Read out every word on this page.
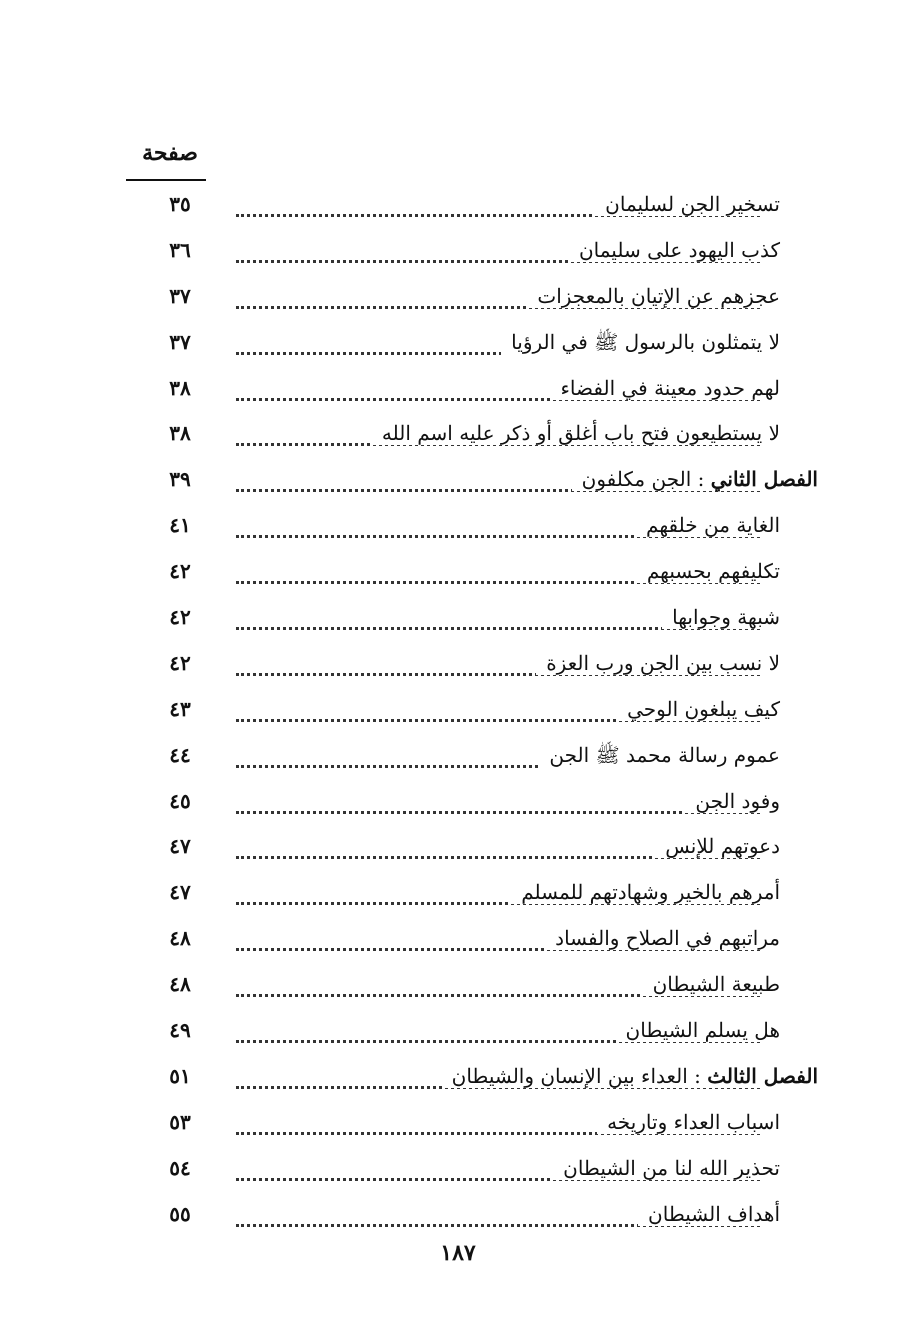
صفحة
تسخير الجن لسليمان
٣٥
كذب اليهود على سليمان
٣٦
عجزهم عن الإتيان بالمعجزات
٣٧
لا يتمثلون بالرسول ﷺ في الرؤيا
٣٧
لهم حدود معينة في الفضاء
٣٨
لا يستطيعون فتح باب أغلق أو ذكر عليه اسم الله
٣٨
الفصل الثاني : الجن مكلفون
٣٩
الغاية من خلقهم
٤١
تكليفهم بحسبهم
٤٢
شبهة وجوابها
٤٢
لا نسب بين الجن ورب العزة
٤٢
كيف يبلغون الوحي
٤٣
عموم رسالة محمد ﷺ الجن
٤٤
وفود الجن
٤٥
دعوتهم للإنس
٤٧
أمرهم بالخير وشهادتهم للمسلم
٤٧
مراتبهم في الصلاح والفساد
٤٨
طبيعة الشيطان
٤٨
هل يسلم الشيطان
٤٩
الفصل الثالث : العداء بين الإنسان والشيطان
٥١
اسباب العداء وتاريخه
٥٣
تحذير الله لنا من الشيطان
٥٤
أهداف الشيطان
٥٥
١٨٧
